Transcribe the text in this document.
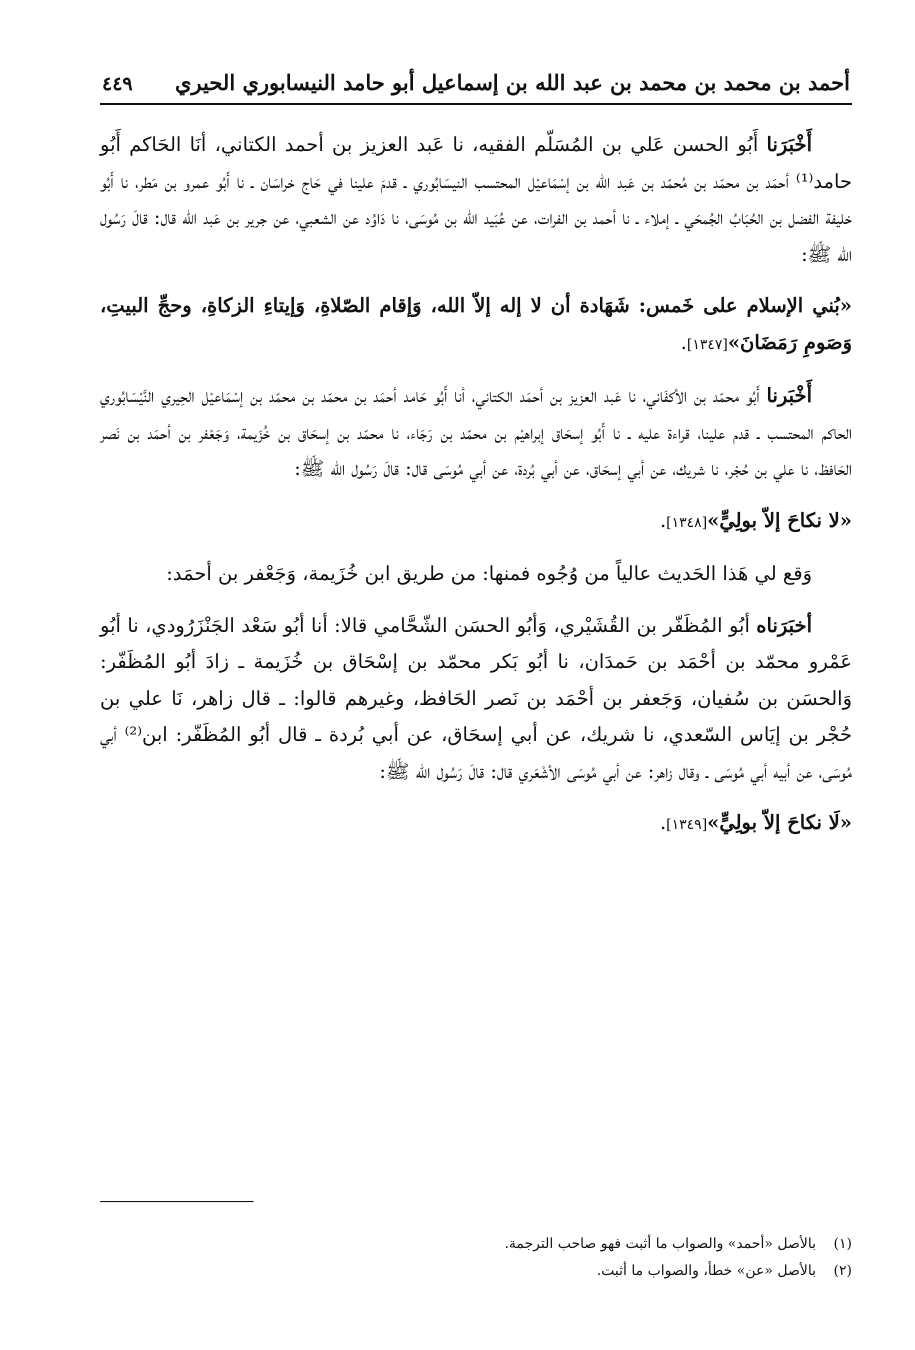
أحمد بن محمد بن محمد بن عبد الله بن إسماعيل أبو حامد النيسابوري الحيري
٤٤٩

أَخْبَرَنا أَبُو الحسن عَلي بن المُسَلّم الفقيه، نا عَبد العزيز بن أحمد الكتاني، أنَا الحَاكم أَبُو حامد⁽¹⁾ أحمَد بن محمّد بن مُحمّد بن عَبد الله بن إسْمَاعيْل المحتسب النيسَابُوري ـ قدمَ علينا في حَاج خراسَان ـ نا أَبُو عمرو بن مَطر، نا أَبُو خليفة الفضل بن الحُبَابُ الجُمحَي ـ إملاء ـ نا أحمد بن الفرات، عن عُبَيد الله بن مُوسَى، نا دَاوُد عن الشعبي، عن جرير بن عَبد الله قال: قالَ رَسُول الله ﷺ:

«بُني الإسلام على خَمس: شَهَادة أن لا إله إلاّ الله، وَإقام الصّلاةِ، وَإيتاءِ الزكاةِ، وحجِّ البيتِ، وَصَومِ رَمَضَانَ»[١٣٤٧].

أَخْبَرنا أَبُو محمّد بن الأكفَاني، نا عَبد العزيز بن أحمَد الكتاني، أنا أَبُو حَامد أحمَد بن محمّد بن محمّد بن إسْمَاعيْل الحِيري النَّيْسَابُوري الحاكم المحتسب ـ قدم علينا، قراءة عليه ـ نا أَبُو إسحَاق إبراهيْم بن محمّد بن رَجَاء، نا محمّد بن إسحَاق بن خُزَيمة، وَجَعْفر بن أحمَد بن نَصر الحَافظ، نا علي بن حُجْر، نا شريك، عن أبي إسحَاق، عن أبي بُردة، عن أبي مُوسَى قال: قالَ رَسُول الله ﷺ:

«لا نكاحَ إلاّ بولِيٍّ»[١٣٤٨].

وَقع لي هَذا الحَديث عالياً من وُجُوه فمنها: من طريق ابن خُزَيمة، وَجَعْفر بن أحمَد:

أخبَرَناه أبُو المُظَفّر بن القُشَيْري، وَأبُو الحسَن الشّحَّامي قالا: أنا أبُو سَعْد الجَنْزَرُودي، نا أبُو عَمْرو محمّد بن أحْمَد بن حَمدَان، نا أبُو بَكر محمّد بن إسْحَاق بن خُزَيمة ـ زادَ أبُو المُظَفّر: وَالحسَن بن سُفيان، وَجَعفر بن أحْمَد بن نَصر الحَافظ، وغيرهم قالوا: ـ قال زاهر، نَا علي بن حُجْر بن إيَاس السّعدي، نا شريك، عن أبي إسحَاق، عن أبي بُردة ـ قال أبُو المُظَفّر: ابن⁽²⁾ أبي مُوسَى، عن أبيه أبي مُوسَى ـ وقال زاهر: عن أبي مُوسَى الأشْعَري قال: قالَ رَسُول الله ﷺ:

«لَا نكاحَ إلاّ بولِيٍّ»[١٣٤٩].

(١)
بالأصل «أحمد» والصواب ما أثبت فهو صاحب الترجمة.
(٢)
بالأصل «عن» خطأ، والصواب ما أثبت.
